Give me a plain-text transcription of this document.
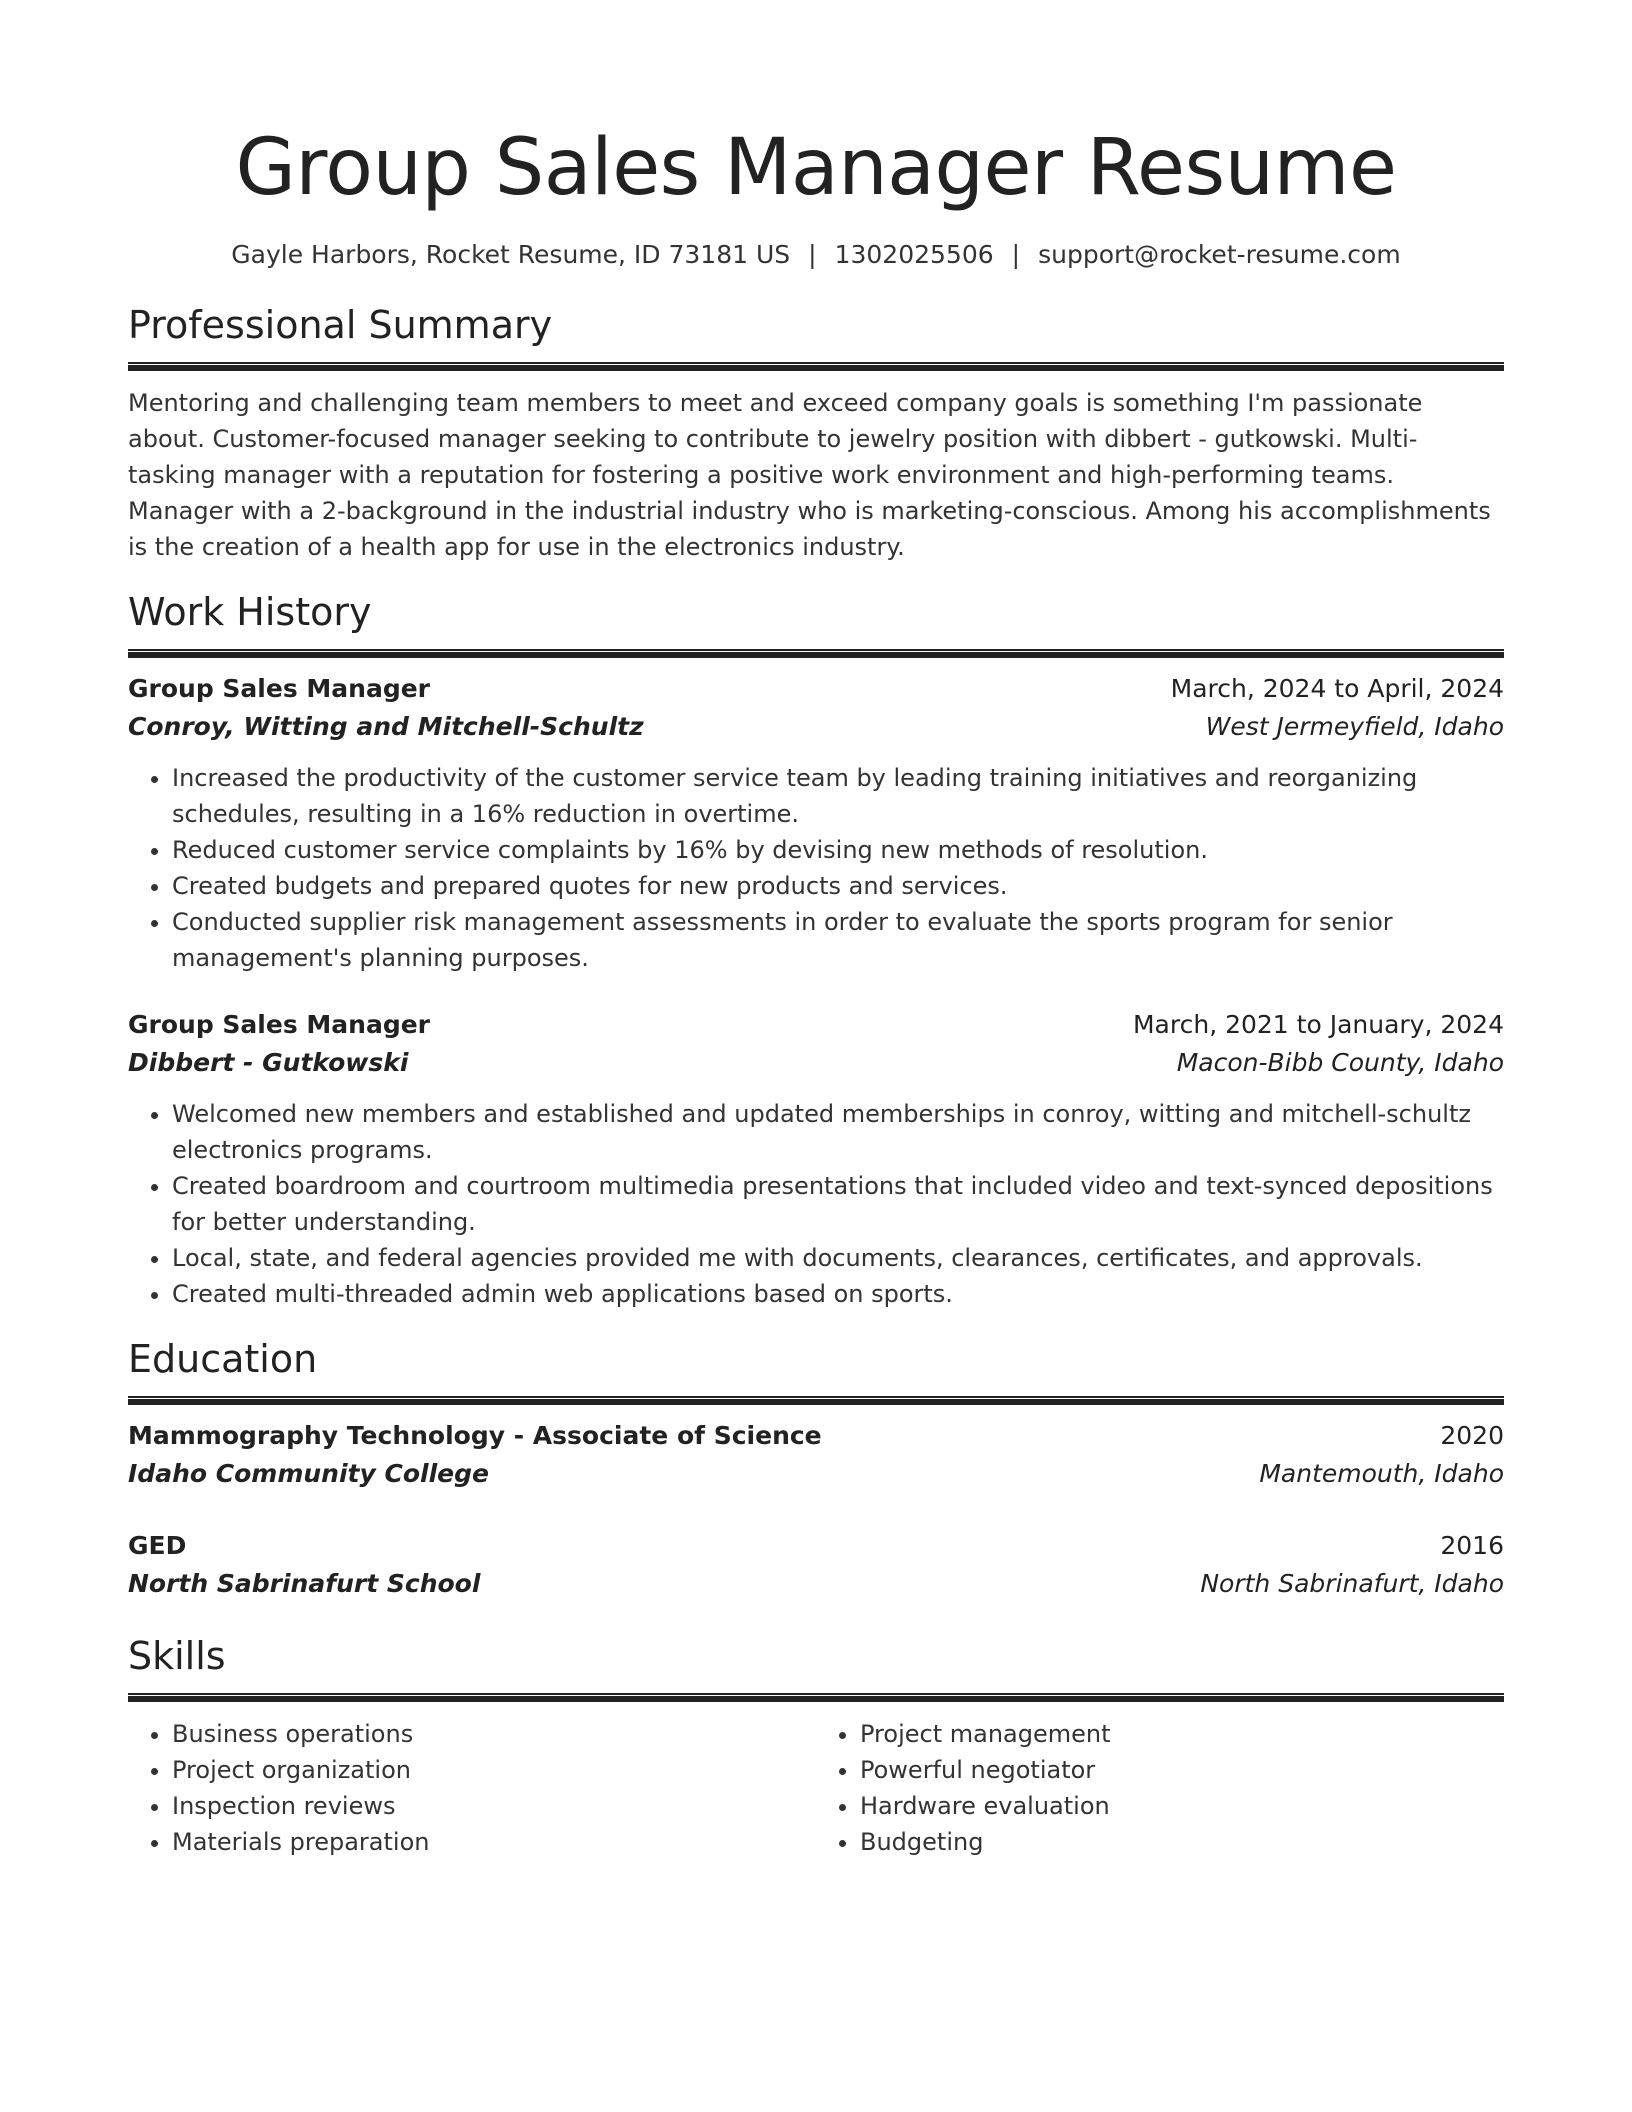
Group Sales Manager Resume
Gayle Harbors, Rocket Resume, ID 73181 US | 1302025506 | support@rocket-resume.com
Professional Summary
Mentoring and challenging team members to meet and exceed company goals is something I'm passionate about. Customer-focused manager seeking to contribute to jewelry position with dibbert - gutkowski. Multi-tasking manager with a reputation for fostering a positive work environment and high-performing teams. Manager with a 2-background in the industrial industry who is marketing-conscious. Among his accomplishments is the creation of a health app for use in the electronics industry.
Work History
Group Sales Manager	March, 2024 to April, 2024
Conroy, Witting and Mitchell-Schultz	West Jermeyfield, Idaho
• Increased the productivity of the customer service team by leading training initiatives and reorganizing schedules, resulting in a 16% reduction in overtime.
• Reduced customer service complaints by 16% by devising new methods of resolution.
• Created budgets and prepared quotes for new products and services.
• Conducted supplier risk management assessments in order to evaluate the sports program for senior management's planning purposes.
Group Sales Manager	March, 2021 to January, 2024
Dibbert - Gutkowski	Macon-Bibb County, Idaho
• Welcomed new members and established and updated memberships in conroy, witting and mitchell-schultz electronics programs.
• Created boardroom and courtroom multimedia presentations that included video and text-synced depositions for better understanding.
• Local, state, and federal agencies provided me with documents, clearances, certificates, and approvals.
• Created multi-threaded admin web applications based on sports.
Education
Mammography Technology - Associate of Science	2020
Idaho Community College	Mantemouth, Idaho
GED	2016
North Sabrinafurt School	North Sabrinafurt, Idaho
Skills
• Business operations
• Project organization
• Inspection reviews
• Materials preparation
• Project management
• Powerful negotiator
• Hardware evaluation
• Budgeting
